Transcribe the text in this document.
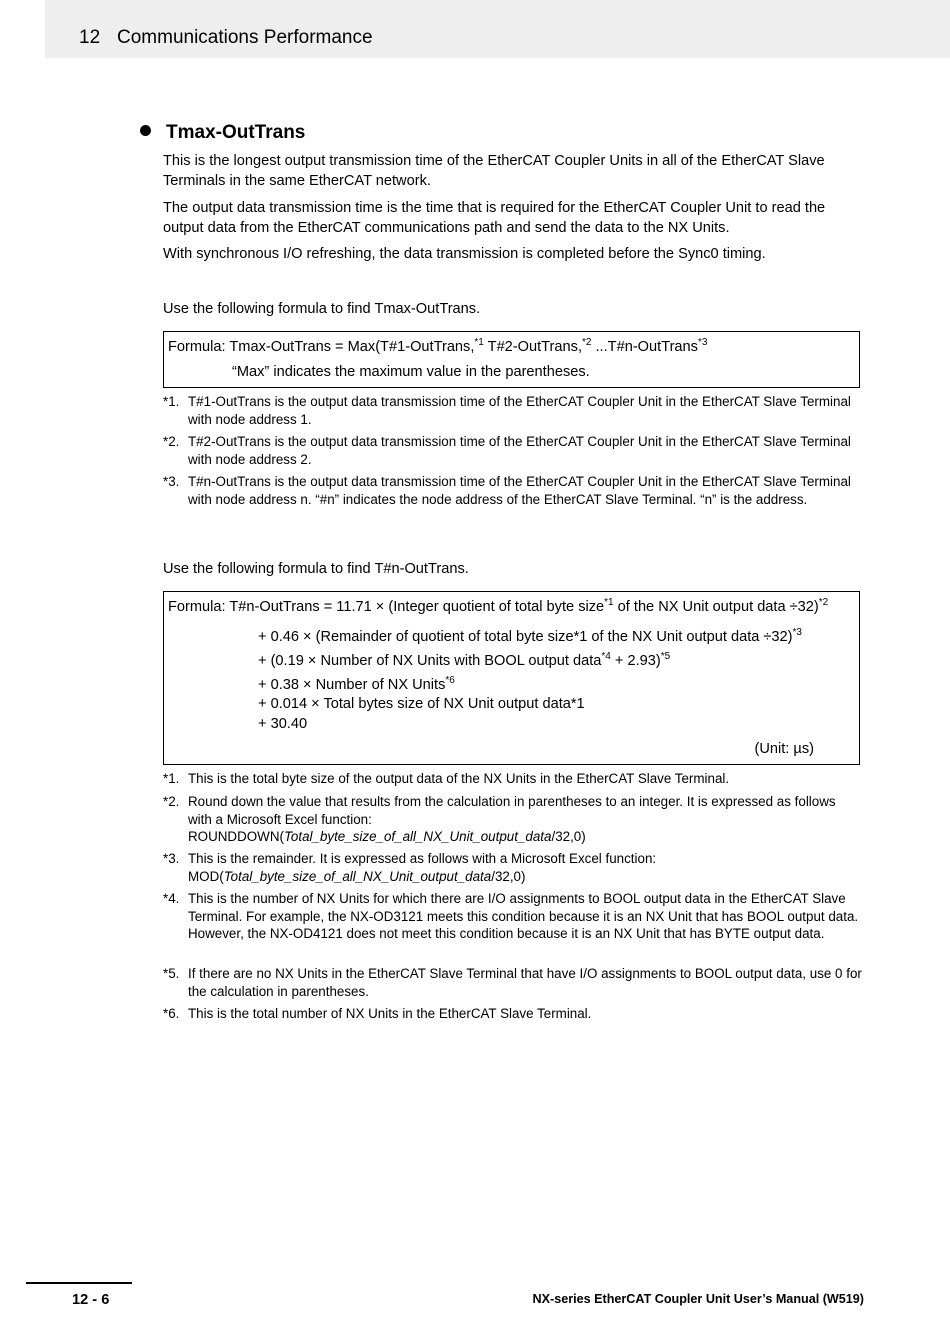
12 Communications Performance
Tmax-OutTrans
This is the longest output transmission time of the EtherCAT Coupler Units in all of the EtherCAT Slave Terminals in the same EtherCAT network.
The output data transmission time is the time that is required for the EtherCAT Coupler Unit to read the output data from the EtherCAT communications path and send the data to the NX Units.
With synchronous I/O refreshing, the data transmission is completed before the Sync0 timing.
Use the following formula to find Tmax-OutTrans.
Formula: Tmax-OutTrans = Max(T#1-OutTrans,$^{*1}$ T#2-OutTrans,$^{*2}$ ...T#n-OutTrans$^{*3}$
“Max” indicates the maximum value in the parentheses.
*1. T#1-OutTrans is the output data transmission time of the EtherCAT Coupler Unit in the EtherCAT Slave Terminal with node address 1.
*2. T#2-OutTrans is the output data transmission time of the EtherCAT Coupler Unit in the EtherCAT Slave Terminal with node address 2.
*3. T#n-OutTrans is the output data transmission time of the EtherCAT Coupler Unit in the EtherCAT Slave Terminal with node address n. “#n” indicates the node address of the EtherCAT Slave Terminal. “n” is the address.
Use the following formula to find T#n-OutTrans.
Formula: T#n-OutTrans = 11.71 × (Integer quotient of total byte size$^{*1}$ of the NX Unit output data ÷32)$^{*2}$
+ 0.46 × (Remainder of quotient of total byte size*1 of the NX Unit output data ÷32)$^{*3}$
+ (0.19 × Number of NX Units with BOOL output data$^{*4}$ + 2.93)$^{*5}$
+ 0.38 × Number of NX Units$^{*6}$
+ 0.014 × Total bytes size of NX Unit output data*1
+ 30.40
(Unit: µs)
*1. This is the total byte size of the output data of the NX Units in the EtherCAT Slave Terminal.
*2. Round down the value that results from the calculation in parentheses to an integer. It is expressed as follows with a Microsoft Excel function:
ROUNDDOWN(Total_byte_size_of_all_NX_Unit_output_data/32,0)
*3. This is the remainder. It is expressed as follows with a Microsoft Excel function:
MOD(Total_byte_size_of_all_NX_Unit_output_data/32,0)
*4. This is the number of NX Units for which there are I/O assignments to BOOL output data in the EtherCAT Slave Terminal. For example, the NX-OD3121 meets this condition because it is an NX Unit that has BOOL output data. However, the NX-OD4121 does not meet this condition because it is an NX Unit that has BYTE output data.
*5. If there are no NX Units in the EtherCAT Slave Terminal that have I/O assignments to BOOL output data, use 0 for the calculation in parentheses.
*6. This is the total number of NX Units in the EtherCAT Slave Terminal.
12 - 6	NX-series EtherCAT Coupler Unit User’s Manual (W519)
